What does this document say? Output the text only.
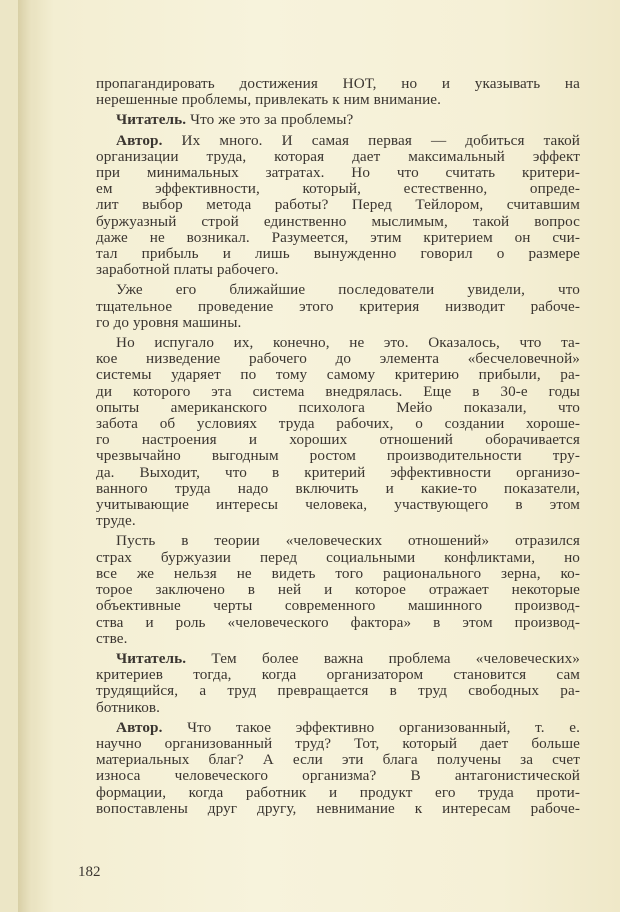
пропагандировать достижения НОТ, но и указывать на
нерешенные проблемы, привлекать к ним внимание.
Читатель. Что же это за проблемы?
Автор. Их много. И самая первая — добиться такой
организации труда, которая дает максимальный эффект
при минимальных затратах. Но что считать критери-
ем эффективности, который, естественно, опреде-
лит выбор метода работы? Перед Тейлором, считавшим
буржуазный строй единственно мыслимым, такой вопрос
даже не возникал. Разумеется, этим критерием он счи-
тал прибыль и лишь вынужденно говорил о размере
заработной платы рабочего.
Уже его ближайшие последователи увидели, что
тщательное проведение этого критерия низводит рабоче-
го до уровня машины.
Но испугало их, конечно, не это. Оказалось, что та-
кое низведение рабочего до элемента «бесчеловечной»
системы ударяет по тому самому критерию прибыли, ра-
ди которого эта система внедрялась. Еще в 30-е годы
опыты американского психолога Мейо показали, что
забота об условиях труда рабочих, о создании хороше-
го настроения и хороших отношений оборачивается
чрезвычайно выгодным ростом производительности тру-
да. Выходит, что в критерий эффективности организо-
ванного труда надо включить и какие-то показатели,
учитывающие интересы человека, участвующего в этом
труде.
Пусть в теории «человеческих отношений» отразился
страх буржуазии перед социальными конфликтами, но
все же нельзя не видеть того рационального зерна, ко-
торое заключено в ней и которое отражает некоторые
объективные черты современного машинного производ-
ства и роль «человеческого фактора» в этом производ-
стве.
Читатель. Тем более важна проблема «человеческих»
критериев тогда, когда организатором становится сам
трудящийся, а труд превращается в труд свободных ра-
ботников.
Автор. Что такое эффективно организованный, т. е.
научно организованный труд? Тот, который дает больше
материальных благ? А если эти блага получены за счет
износа человеческого организма? В антагонистической
формации, когда работник и продукт его труда проти-
вопоставлены друг другу, невнимание к интересам рабоче-
182
